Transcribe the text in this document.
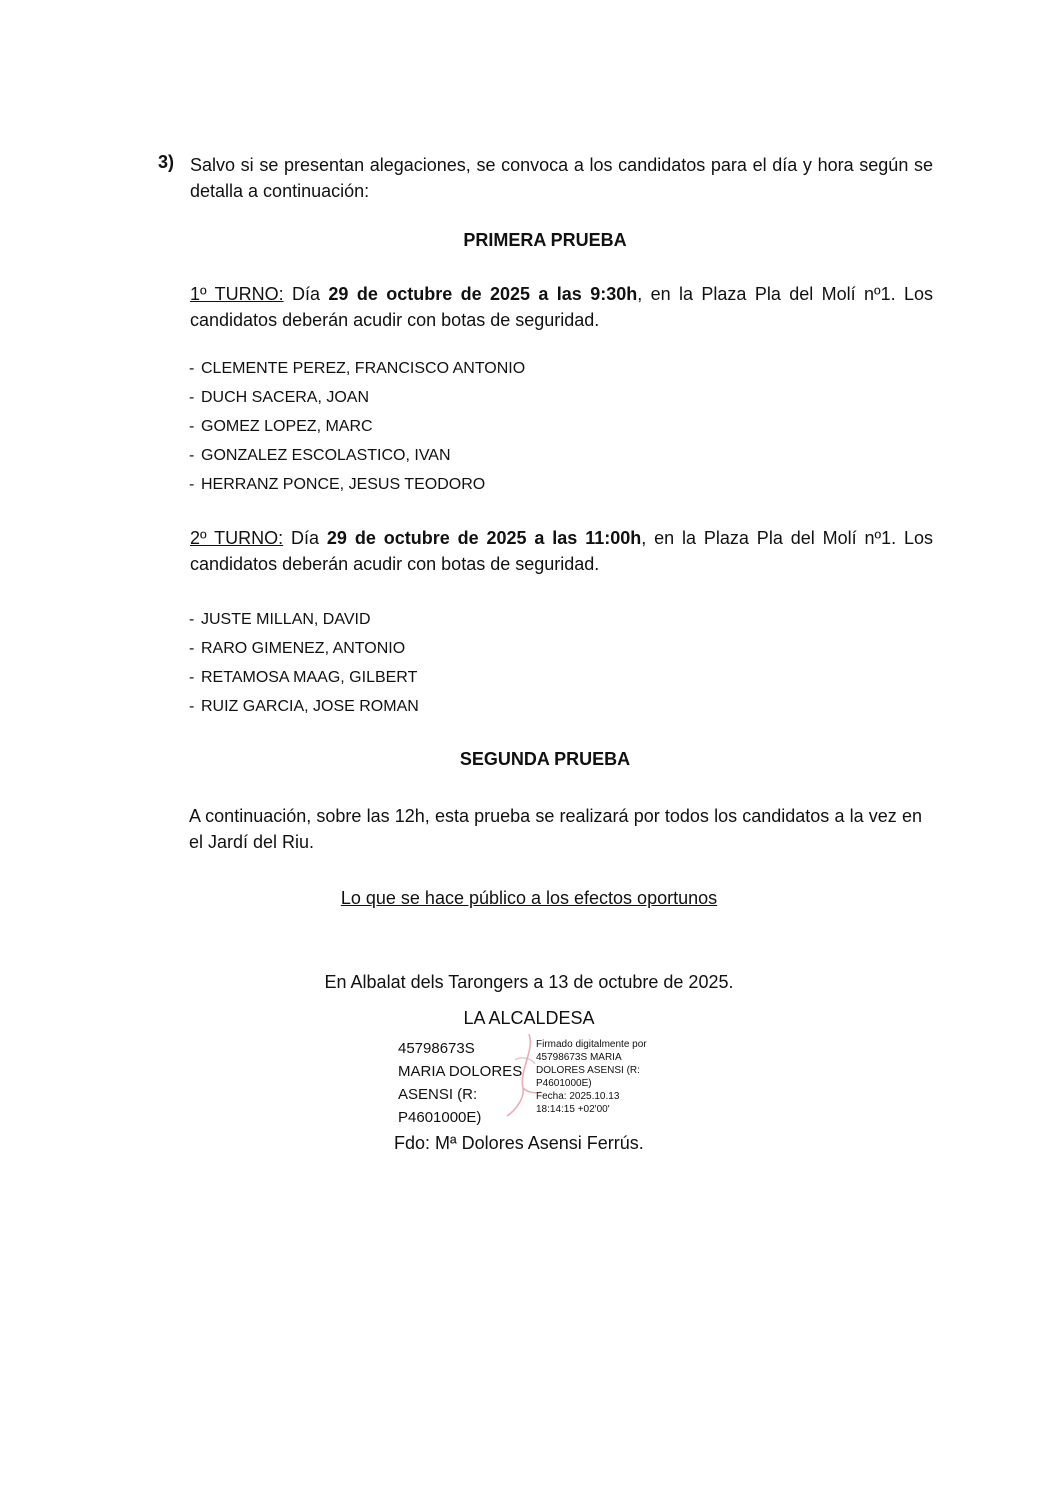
3) Salvo si se presentan alegaciones, se convoca a los candidatos para el día y hora según se detalla a continuación:
PRIMERA PRUEBA
1º TURNO: Día 29 de octubre de 2025 a las 9:30h, en la Plaza Pla del Molí nº1. Los candidatos deberán acudir con botas de seguridad.
- CLEMENTE PEREZ, FRANCISCO ANTONIO
- DUCH SACERA, JOAN
- GOMEZ LOPEZ, MARC
- GONZALEZ ESCOLASTICO, IVAN
- HERRANZ PONCE, JESUS TEODORO
2º TURNO: Día 29 de octubre de 2025 a las 11:00h, en la Plaza Pla del Molí nº1. Los candidatos deberán acudir con botas de seguridad.
- JUSTE MILLAN, DAVID
- RARO GIMENEZ, ANTONIO
- RETAMOSA MAAG, GILBERT
- RUIZ GARCIA, JOSE ROMAN
SEGUNDA PRUEBA
A continuación, sobre las 12h, esta prueba se realizará por todos los candidatos a la vez en el Jardí del Riu.
Lo que se hace público a los efectos oportunos
En Albalat dels Tarongers a 13 de octubre de 2025.
LA ALCALDESA
45798673S
MARIA DOLORES
ASENSI (R:
P4601000E)
Firmado digitalmente por
45798673S MARIA
DOLORES ASENSI (R:
P4601000E)
Fecha: 2025.10.13
18:14:15 +02'00'
Fdo: Mª Dolores Asensi Ferrús.
